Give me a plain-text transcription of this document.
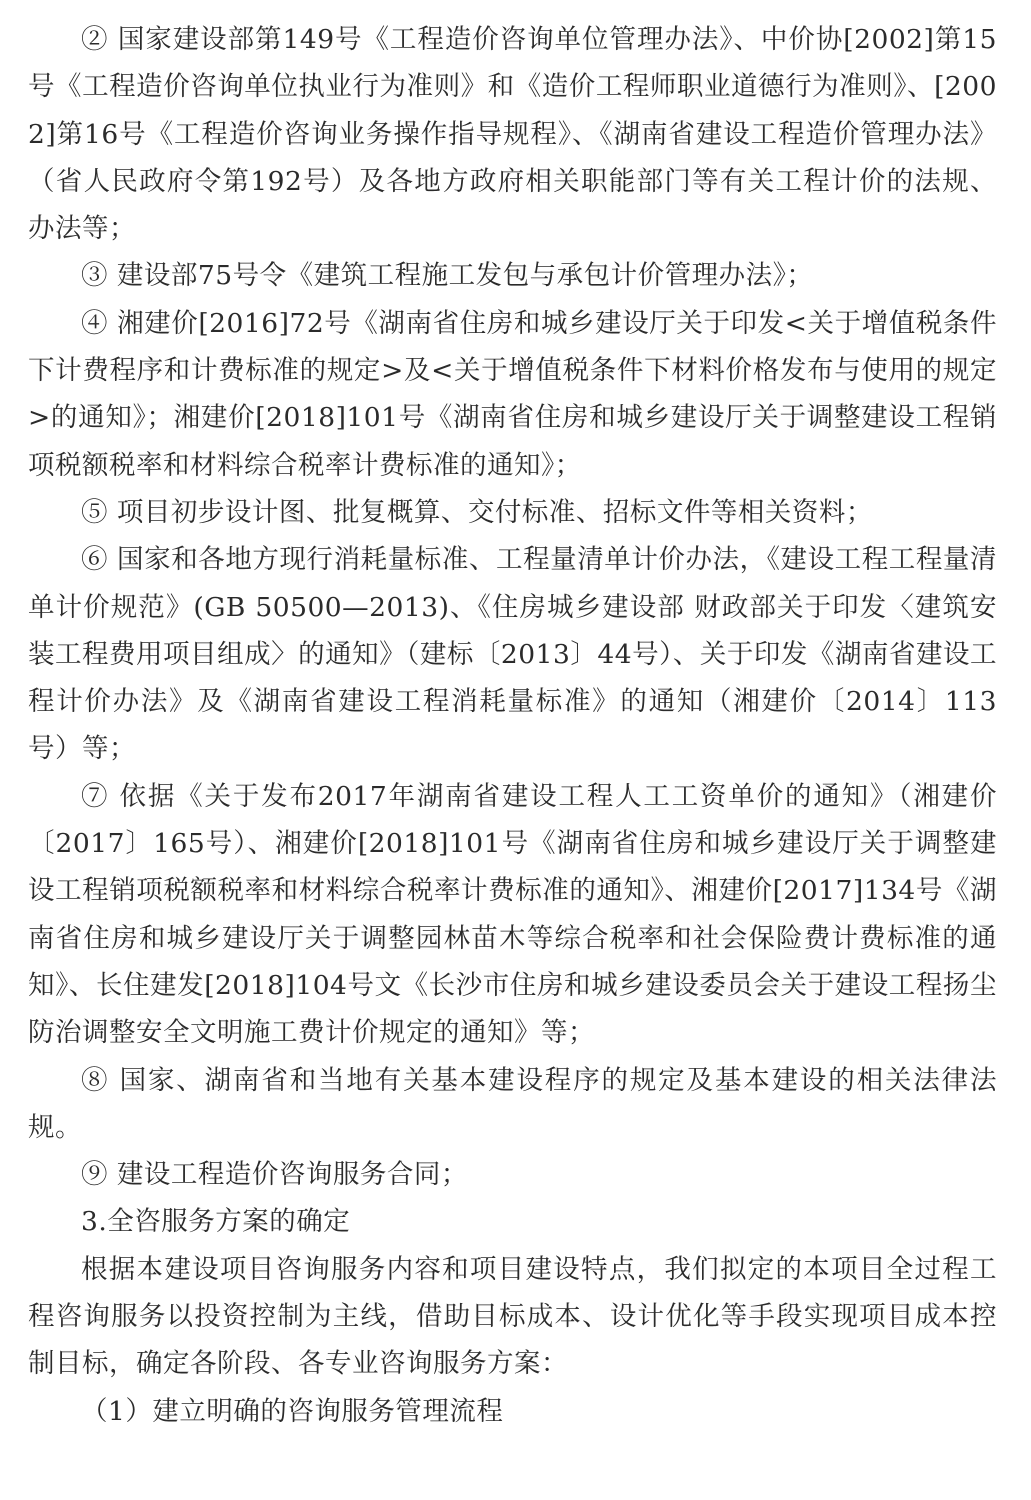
② 国家建设部第149号《工程造价咨询单位管理办法》、中价协[2002]第15号《工程造价咨询单位执业行为准则》和《造价工程师职业道德行为准则》、[2002]第16号《工程造价咨询业务操作指导规程》、《湖南省建设工程造价管理办法》（省人民政府令第192号）及各地方政府相关职能部门等有关工程计价的法规、办法等；

③ 建设部75号令《建筑工程施工发包与承包计价管理办法》；

④ 湘建价[2016]72号《湖南省住房和城乡建设厅关于印发<关于增值税条件下计费程序和计费标准的规定>及<关于增值税条件下材料价格发布与使用的规定>的通知》；湘建价[2018]101号《湖南省住房和城乡建设厅关于调整建设工程销项税额税率和材料综合税率计费标准的通知》；

⑤ 项目初步设计图、批复概算、交付标准、招标文件等相关资料；

⑥ 国家和各地方现行消耗量标准、工程量清单计价办法，《建设工程工程量清单计价规范》(GB 50500—2013)、《住房城乡建设部 财政部关于印发〈建筑安装工程费用项目组成〉的通知》（建标〔2013〕44号）、关于印发《湖南省建设工程计价办法》及《湖南省建设工程消耗量标准》的通知（湘建价〔2014〕113号）等；

⑦ 依据《关于发布2017年湖南省建设工程人工工资单价的通知》（湘建价〔2017〕165号）、湘建价[2018]101号《湖南省住房和城乡建设厅关于调整建设工程销项税额税率和材料综合税率计费标准的通知》、湘建价[2017]134号《湖南省住房和城乡建设厅关于调整园林苗木等综合税率和社会保险费计费标准的通知》、长住建发[2018]104号文《长沙市住房和城乡建设委员会关于建设工程扬尘防治调整安全文明施工费计价规定的通知》等；

⑧ 国家、湖南省和当地有关基本建设程序的规定及基本建设的相关法律法规。

⑨ 建设工程造价咨询服务合同；

3.全咨服务方案的确定

根据本建设项目咨询服务内容和项目建设特点，我们拟定的本项目全过程工程咨询服务以投资控制为主线，借助目标成本、设计优化等手段实现项目成本控制目标，确定各阶段、各专业咨询服务方案：

（1）建立明确的咨询服务管理流程
